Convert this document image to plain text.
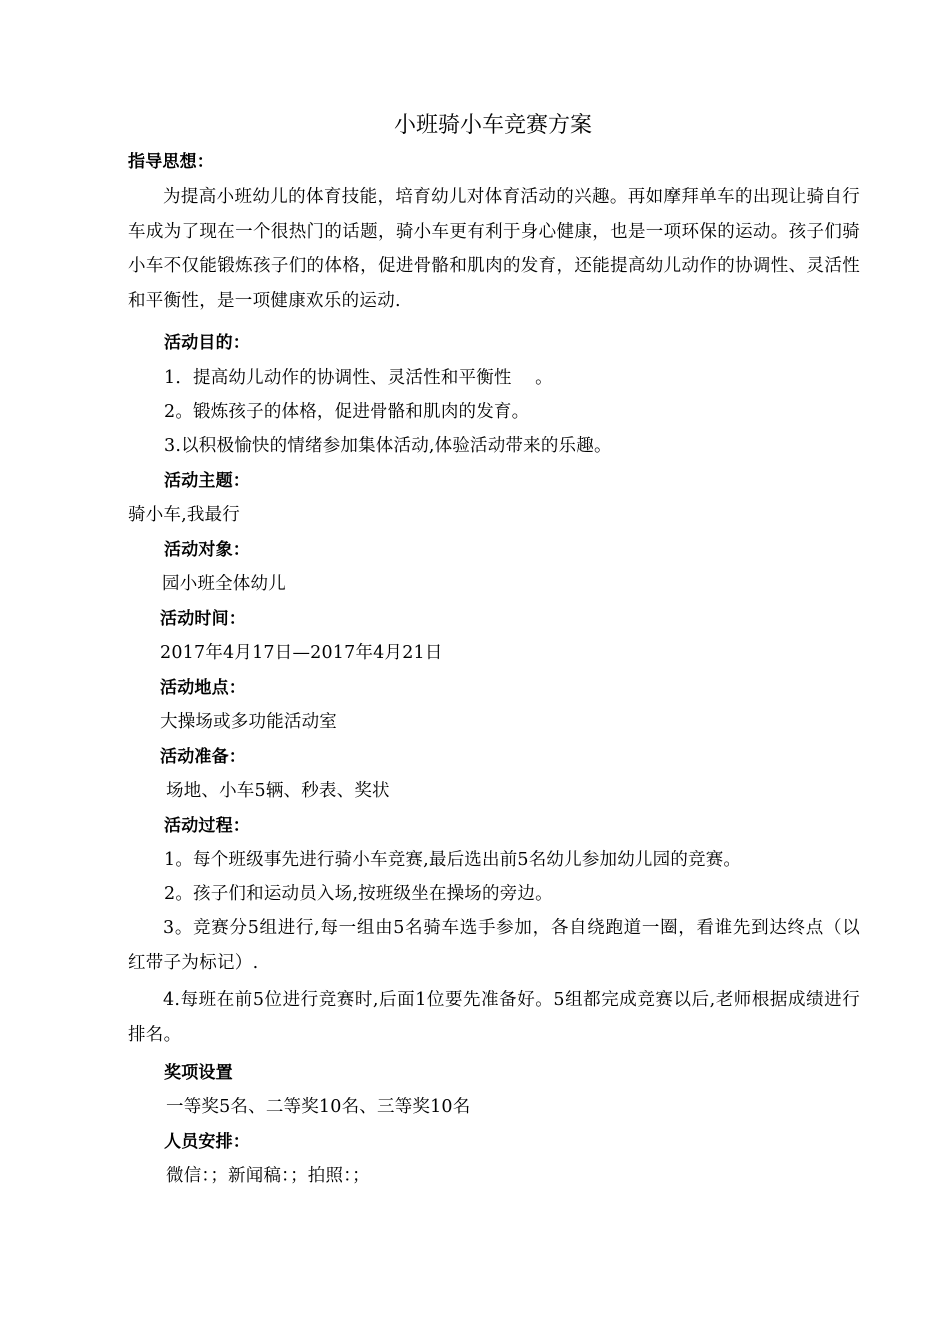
小班骑小车竞赛方案
指导思想：
为提高小班幼儿的体育技能，培育幼儿对体育活动的兴趣。再如摩拜单车的出现让骑自行车成为了现在一个很热门的话题，骑小车更有利于身心健康，也是一项环保的运动。孩子们骑小车不仅能锻炼孩子们的体格，促进骨骼和肌肉的发育，还能提高幼儿动作的协调性、灵活性和平衡性，是一项健康欢乐的运动.
活动目的：
1．提高幼儿动作的协调性、灵活性和平衡性　 。
2。锻炼孩子的体格，促进骨骼和肌肉的发育。
3.以积极愉快的情绪参加集体活动,体验活动带来的乐趣。
活动主题：
骑小车,我最行
活动对象：
园小班全体幼儿
活动时间：
2017年4月17日—2017年4月21日
活动地点：
大操场或多功能活动室
活动准备：
场地、小车5辆、秒表、奖状
活动过程：
1。每个班级事先进行骑小车竞赛,最后选出前5名幼儿参加幼儿园的竞赛。
2。孩子们和运动员入场,按班级坐在操场的旁边。
3。竞赛分5组进行,每一组由5名骑车选手参加，各自绕跑道一圈，看谁先到达终点（以红带子为标记）.
4.每班在前5位进行竞赛时,后面1位要先准备好。5组都完成竞赛以后,老师根据成绩进行排名。
奖项设置
一等奖5名、二等奖10名、三等奖10名
人员安排：
微信：；新闻稿：；拍照：；
